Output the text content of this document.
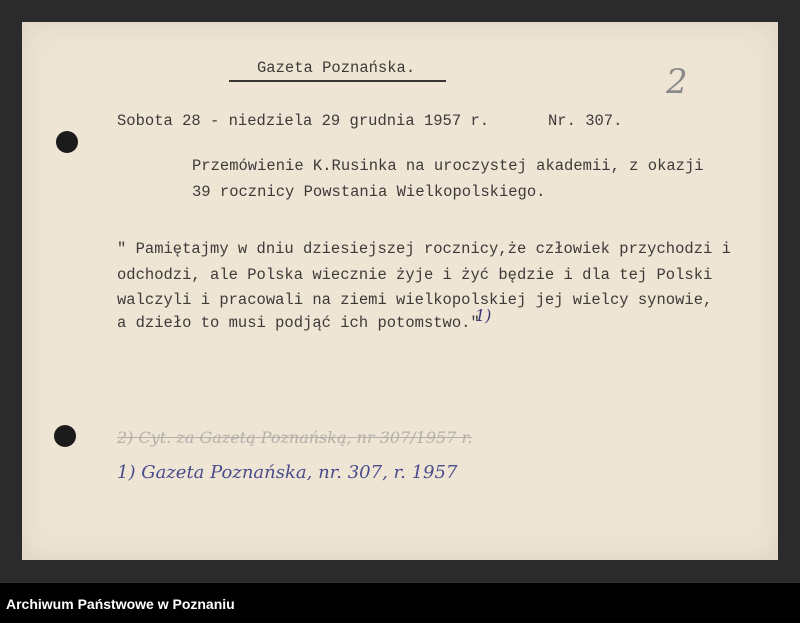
Gazeta Poznańska.	2
Sobota 28 - niedziela 29 grudnia 1957 r.	Nr. 307.
Przemówienie K.Rusinka na uroczystej akademii, z okazji
39 rocznicy Powstania Wielkopolskiego.
" Pamiętajmy w dniu dziesiejszej rocznicy,że człowiek przychodzi i
odchodzi, ale Polska wiecznie żyje i żyć będzie i dla tej Polski
walczyli i pracowali na ziemi wielkopolskiej jej wielcy synowie,
a dzieło to musi podjąć ich potomstwo."
1)
2) Cyt. za Gazetą Poznańską, nr 307/1957 r.
1) Gazeta Poznańska, nr. 307, r. 1957
Archiwum Państwowe w Poznaniu
